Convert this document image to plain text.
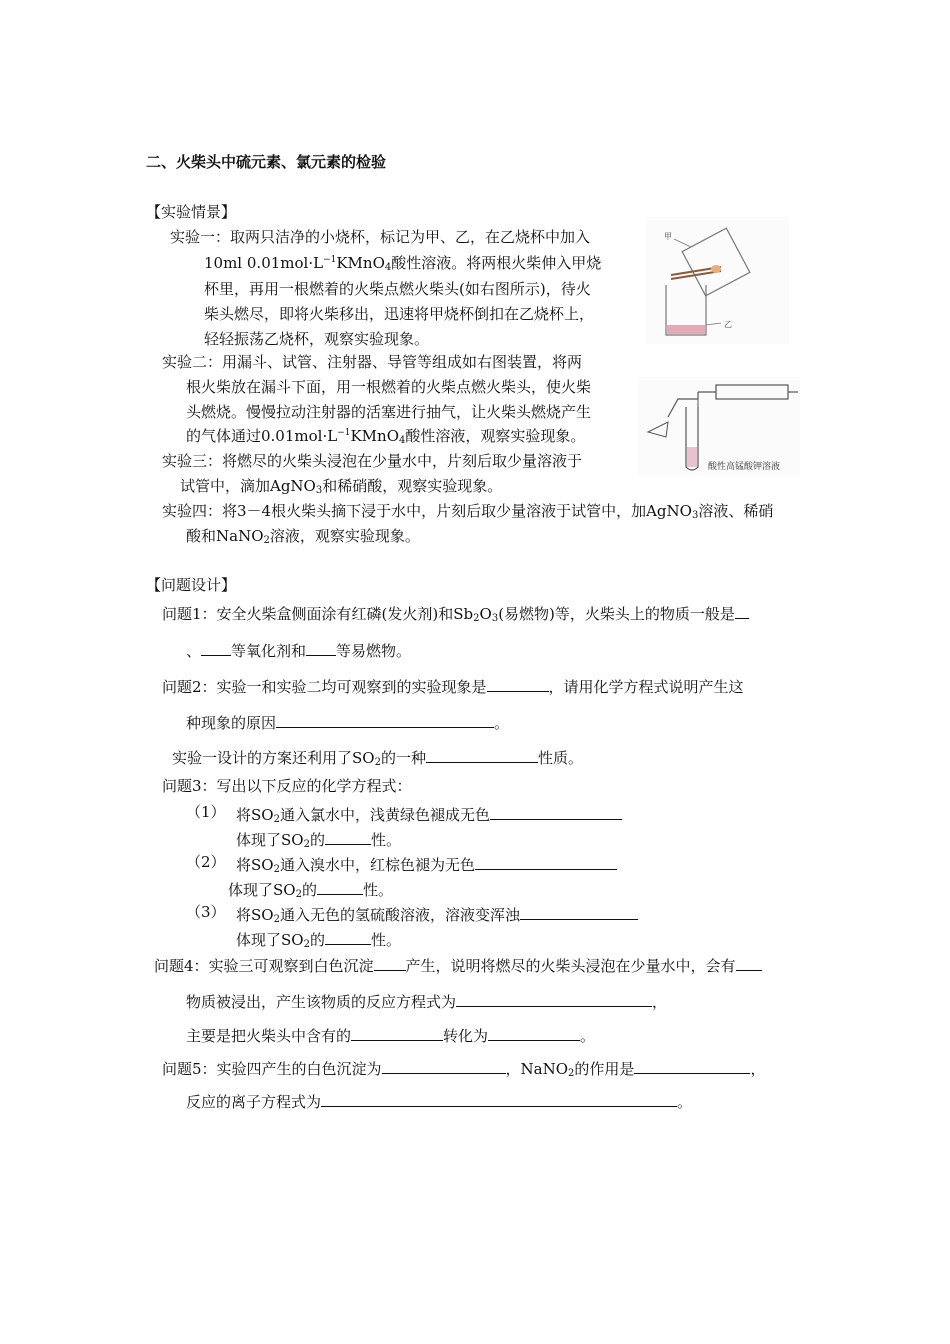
二、火柴头中硫元素、氯元素的检验
【实验情景】
实验一：取两只洁净的小烧杯，标记为甲、乙，在乙烧杯中加入
10ml $0.01mol\cdot L^{-1}KMnO_4$酸性溶液。将两根火柴伸入甲烧
杯里，再用一根燃着的火柴点燃火柴头(如右图所示)，待火
柴头燃尽，即将火柴移出，迅速将甲烧杯倒扣在乙烧杯上，
轻轻振荡乙烧杯，观察实验现象。
实验二：用漏斗、试管、注射器、导管等组成如右图装置，将两
根火柴放在漏斗下面，用一根燃着的火柴点燃火柴头，使火柴
头燃烧。慢慢拉动注射器的活塞进行抽气，让火柴头燃烧产生
的气体通过$0.01mol\cdot L^{-1}KMnO_4$酸性溶液，观察实验现象。
实验三：将燃尽的火柴头浸泡在少量水中，片刻后取少量溶液于
试管中，滴加AgNO$_3$和稀硝酸，观察实验现象。
实验四：将3－4根火柴头摘下浸于水中，片刻后取少量溶液于试管中，加AgNO$_3$溶液、稀硝
酸和NaNO$_2$溶液，观察实验现象。
甲
乙
酸性高锰酸钾溶液
【问题设计】
问题1：安全火柴盒侧面涂有红磷(发火剂)和$Sb_2O_3$(易燃物)等，火柴头上的物质一般是
、 等氧化剂和 等易燃物。
问题2：实验一和实验二均可观察到的实验现象是	，请用化学方程式说明产生这
种现象的原因	。
实验一设计的方案还利用了$SO_2$的一种	性质。
问题3：写出以下反应的化学方程式：
（1） 将$SO_2$通入氯水中，浅黄绿色褪成无色
体现了$SO_2$的	性。
（2） 将$SO_2$通入溴水中，红棕色褪为无色
体现了$SO_2$的	性。
（3） 将$SO_2$通入无色的氢硫酸溶液，溶液变浑浊
体现了$SO_2$的	性。
问题4：实验三可观察到白色沉淀 产生，说明将燃尽的火柴头浸泡在少量水中，会有
物质被浸出，产生该物质的反应方程式为	，
主要是把火柴头中含有的	转化为	。
问题5：实验四产生的白色沉淀为	，NaNO$_2$的作用是	，
反应的离子方程式为	。
